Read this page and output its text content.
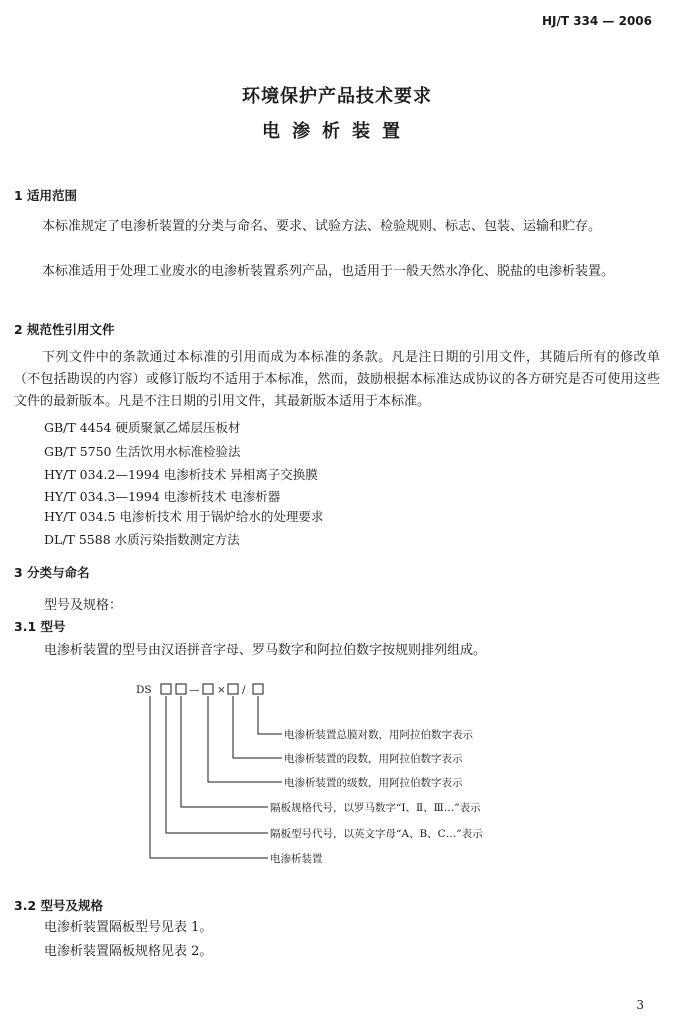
HJ/T 334 — 2006
环境保护产品技术要求
电渗析装置
1 适用范围
本标准规定了电渗析装置的分类与命名、要求、试验方法、检验规则、标志、包装、运输和贮存。
本标准适用于处理工业废水的电渗析装置系列产品，也适用于一般天然水净化、脱盐的电渗析装置。
2 规范性引用文件
下列文件中的条款通过本标准的引用而成为本标准的条款。凡是注日期的引用文件，其随后所有的修改单（不包括勘误的内容）或修订版均不适用于本标准，然而，鼓励根据本标准达成协议的各方研究是否可使用这些文件的最新版本。凡是不注日期的引用文件，其最新版本适用于本标准。
GB/T 4454 硬质聚氯乙烯层压板材
GB/T 5750 生活饮用水标准检验法
HY/T 034.2—1994 电渗析技术 异相离子交换膜
HY/T 034.3—1994 电渗析技术 电渗析器
HY/T 034.5 电渗析技术 用于锅炉给水的处理要求
DL/T 5588 水质污染指数测定方法
3 分类与命名
型号及规格：
3.1 型号
电渗析装置的型号由汉语拼音字母、罗马数字和阿拉伯数字按规则排列组成。
DS	— × /
电渗析装置总膜对数，用阿拉伯数字表示
电渗析装置的段数，用阿拉伯数字表示
电渗析装置的级数，用阿拉伯数字表示
隔板规格代号，以罗马数字“Ⅰ、Ⅱ、Ⅲ…”表示
隔板型号代号，以英文字母“A、B、C…”表示
电渗析装置
3.2 型号及规格
电渗析装置隔板型号见表 1。
电渗析装置隔板规格见表 2。
3
